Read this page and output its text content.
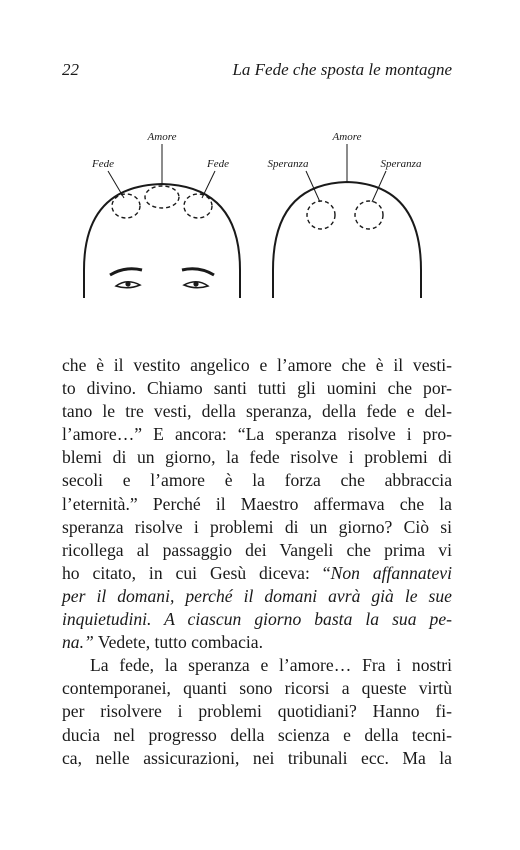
22	La Fede che sposta le montagne
Amore
Fede	Fede
Amore
Speranza	Speranza
che è il vestito angelico e l’amore che è il vesti-
to divino. Chiamo santi tutti gli uomini che por-
tano le tre vesti, della speranza, della fede e del-
l’amore…” E ancora: “La speranza risolve i pro-
blemi di un giorno, la fede risolve i problemi di
secoli e l’amore è la forza che abbraccia
l’eternità.” Perché il Maestro affermava che la
speranza risolve i problemi di un giorno? Ciò si
ricollega al passaggio dei Vangeli che prima vi
ho citato, in cui Gesù diceva: “Non affannatevi
per il domani, perché il domani avrà già le sue
inquietudini. A ciascun giorno basta la sua pe-
na.” Vedete, tutto combacia.
La fede, la speranza e l’amore… Fra i nostri
contemporanei, quanti sono ricorsi a queste virtù
per risolvere i problemi quotidiani? Hanno fi-
ducia nel progresso della scienza e della tecni-
ca, nelle assicurazioni, nei tribunali ecc. Ma la
